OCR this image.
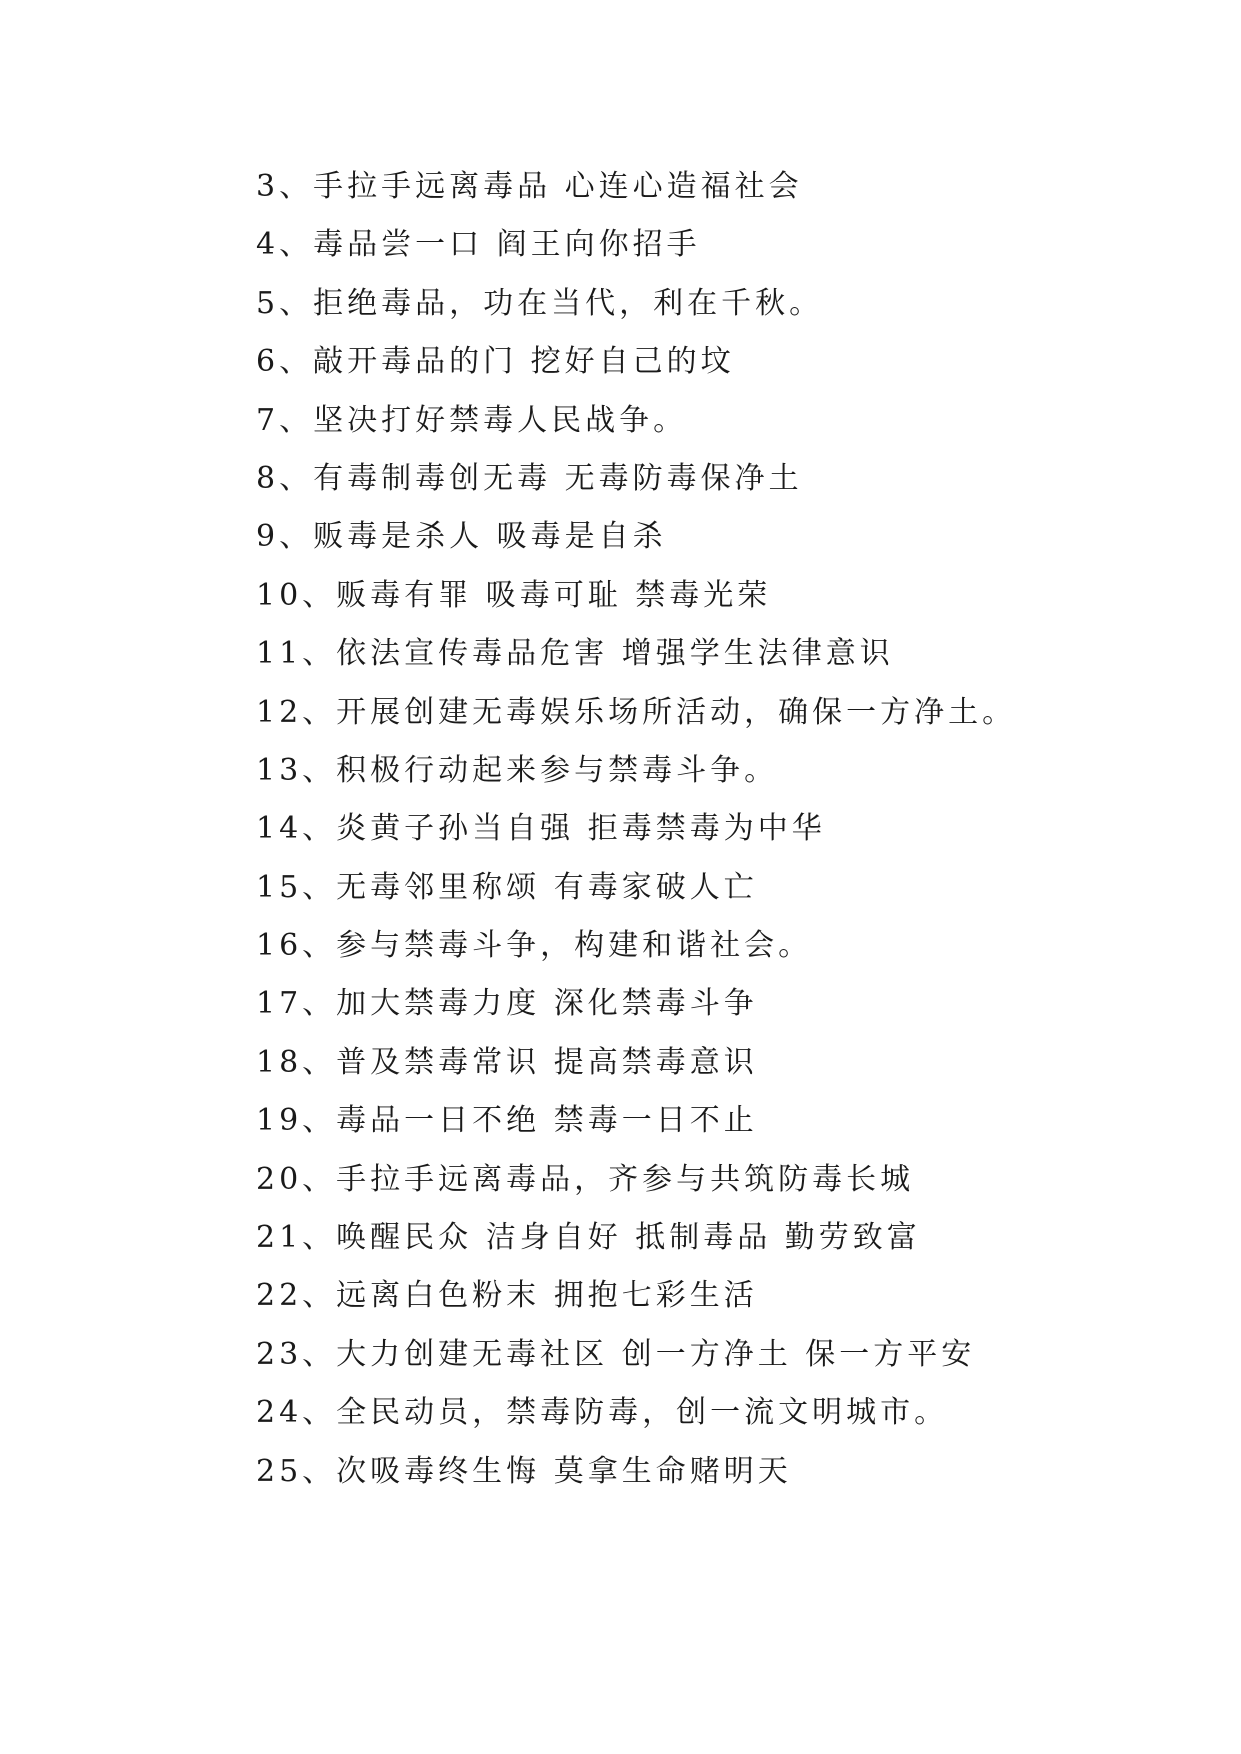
3、手拉手远离毒品 心连心造福社会
4、毒品尝一口 阎王向你招手
5、拒绝毒品，功在当代，利在千秋。
6、敲开毒品的门 挖好自己的坟
7、坚决打好禁毒人民战争。
8、有毒制毒创无毒 无毒防毒保净土
9、贩毒是杀人 吸毒是自杀
10、贩毒有罪 吸毒可耻 禁毒光荣
11、依法宣传毒品危害 增强学生法律意识
12、开展创建无毒娱乐场所活动，确保一方净土。
13、积极行动起来参与禁毒斗争。
14、炎黄子孙当自强 拒毒禁毒为中华
15、无毒邻里称颂 有毒家破人亡
16、参与禁毒斗争，构建和谐社会。
17、加大禁毒力度 深化禁毒斗争
18、普及禁毒常识 提高禁毒意识
19、毒品一日不绝 禁毒一日不止
20、手拉手远离毒品，齐参与共筑防毒长城
21、唤醒民众 洁身自好 抵制毒品 勤劳致富
22、远离白色粉末 拥抱七彩生活
23、大力创建无毒社区 创一方净土 保一方平安
24、全民动员，禁毒防毒，创一流文明城市。
25、次吸毒终生悔 莫拿生命赌明天
